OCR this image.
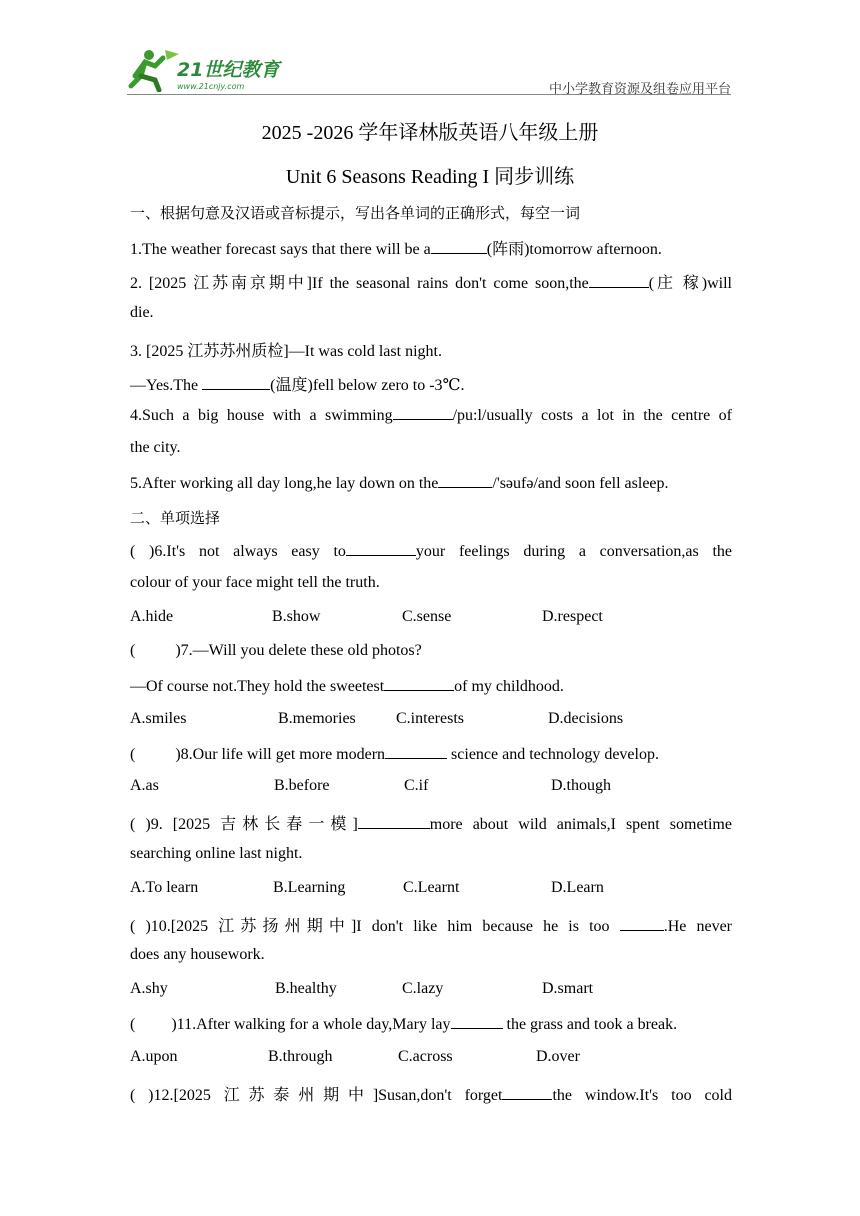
21世纪教育
www.21cnjy.com	中小学教育资源及组卷应用平台
2025 -2026 学年译林版英语八年级上册
Unit 6 Seasons Reading I 同步训练
一、根据句意及汉语或音标提示，写出各单词的正确形式，每空一词
1.The weather forecast says that there will be a	(阵雨)tomorrow afternoon.
2. [2025 江苏南京期中]If the seasonal rains don't come soon,the	(庄 稼)will
die.
3. [2025 江苏苏州质检]—It was cold last night.
—Yes.The	(温度)fell below zero to -3℃.
4.Such a big house with a swimming	/pu:l/usually costs a lot in the centre of
the city.
5.After working all day long,he lay down on the	/'səufə/and soon fell asleep.
二、单项选择
( )6.It's not always easy to	your feelings during a conversation,as the
colour of your face might tell the truth.
A.hide	B.show	C.sense	D.respect
(          )7.—Will you delete these old photos?
—Of course not.They hold the sweetest	of my childhood.
A.smiles	B.memories	C.interests	D.decisions
(          )8.Our life will get more modern	science and technology develop.
A.as	B.before	C.if	D.though
( )9. [2025 吉林长春一模]	more about wild animals,I spent sometime
searching online last night.
A.To learn	B.Learning	C.Learnt	D.Learn
( )10.[2025 江苏扬州期中]I don't like him because he is too	.He never
does any housework.
A.shy	B.healthy	C.lazy	D.smart
(         )11.After walking for a whole day,Mary lay	the grass and took a break.
A.upon	B.through	C.across	D.over
( )12.[2025 江苏泰州期中]Susan,don't forget	the window.It's too cold
